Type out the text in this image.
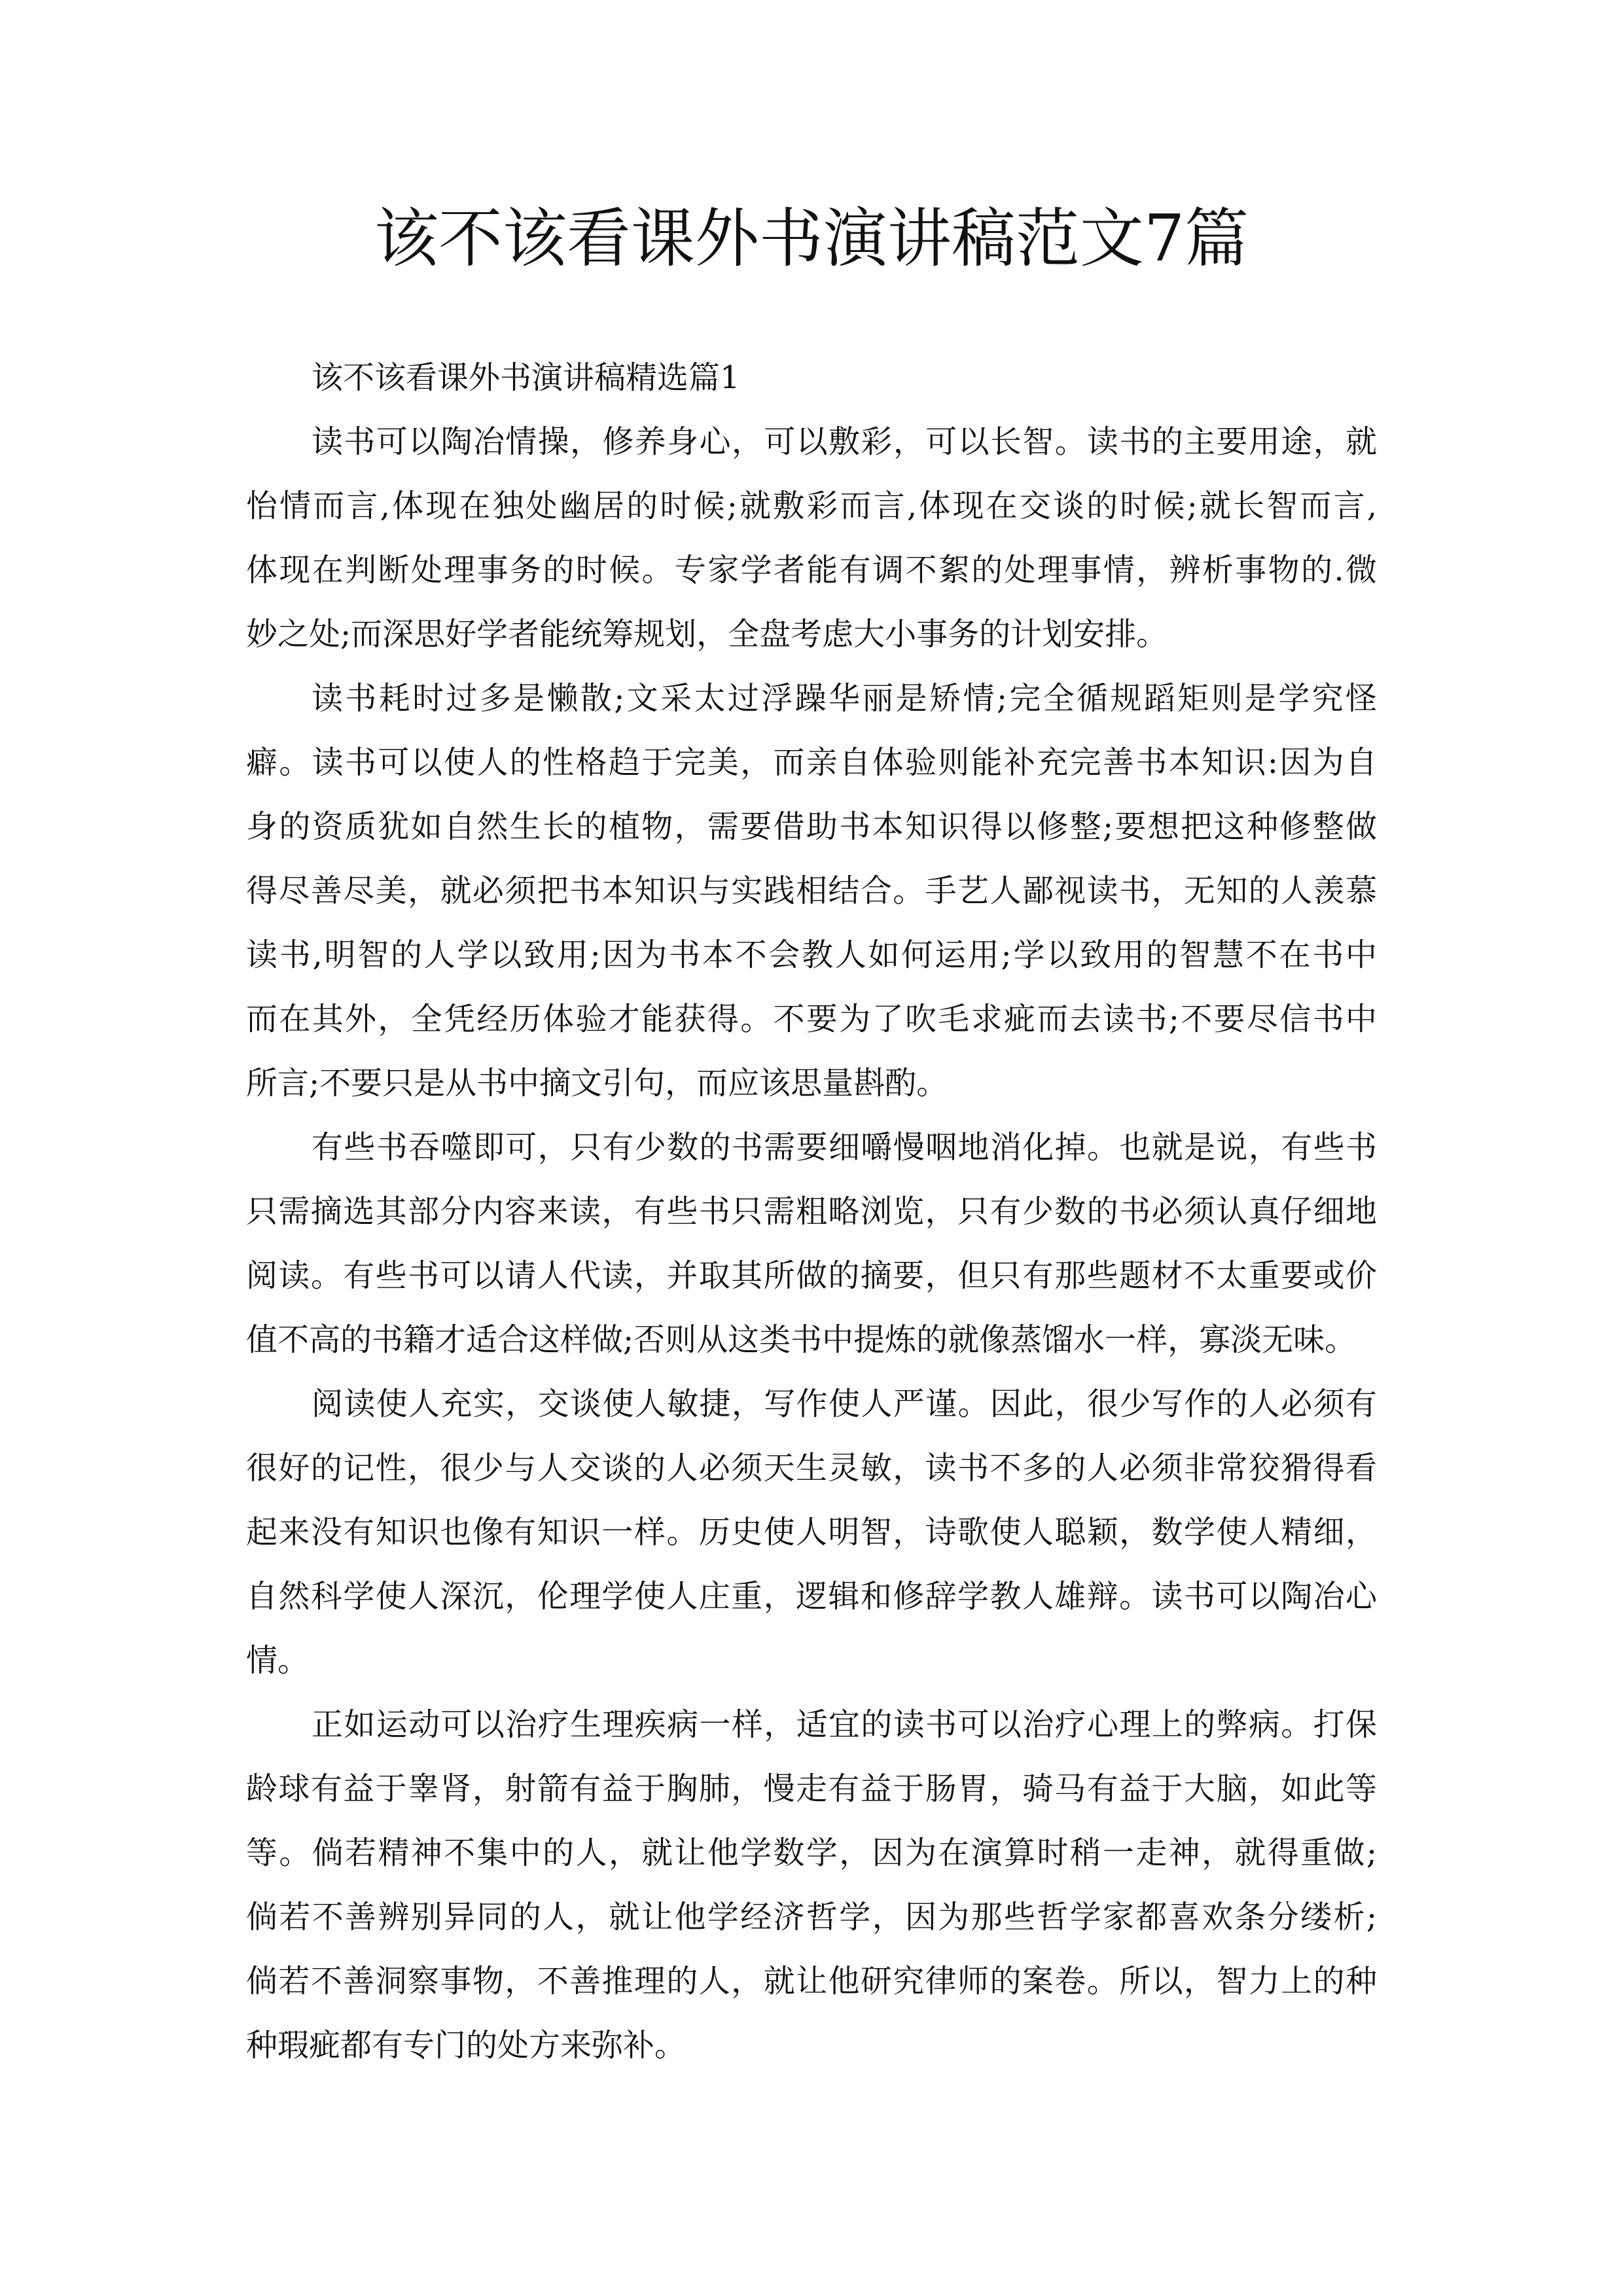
该不该看课外书演讲稿范文7篇
该不该看课外书演讲稿精选篇1
读书可以陶冶情操，修养身心，可以敷彩，可以长智。读书的主要用途，就
怡情而言,体现在独处幽居的时候;就敷彩而言,体现在交谈的时候;就长智而言,
体现在判断处理事务的时候。专家学者能有调不絮的处理事情，辨析事物的.微
妙之处;而深思好学者能统筹规划，全盘考虑大小事务的计划安排。
读书耗时过多是懒散;文采太过浮躁华丽是矫情;完全循规蹈矩则是学究怪
癖。读书可以使人的性格趋于完美，而亲自体验则能补充完善书本知识:因为自
身的资质犹如自然生长的植物，需要借助书本知识得以修整;要想把这种修整做
得尽善尽美，就必须把书本知识与实践相结合。手艺人鄙视读书，无知的人羡慕
读书,明智的人学以致用;因为书本不会教人如何运用;学以致用的智慧不在书中
而在其外，全凭经历体验才能获得。不要为了吹毛求疵而去读书;不要尽信书中
所言;不要只是从书中摘文引句，而应该思量斟酌。
有些书吞噬即可，只有少数的书需要细嚼慢咽地消化掉。也就是说，有些书
只需摘选其部分内容来读，有些书只需粗略浏览，只有少数的书必须认真仔细地
阅读。有些书可以请人代读，并取其所做的摘要，但只有那些题材不太重要或价
值不高的书籍才适合这样做;否则从这类书中提炼的就像蒸馏水一样，寡淡无味。
阅读使人充实，交谈使人敏捷，写作使人严谨。因此，很少写作的人必须有
很好的记性，很少与人交谈的人必须天生灵敏，读书不多的人必须非常狡猾得看
起来没有知识也像有知识一样。历史使人明智，诗歌使人聪颖，数学使人精细，
自然科学使人深沉，伦理学使人庄重，逻辑和修辞学教人雄辩。读书可以陶冶心
情。
正如运动可以治疗生理疾病一样，适宜的读书可以治疗心理上的弊病。打保
龄球有益于睾肾，射箭有益于胸肺，慢走有益于肠胃，骑马有益于大脑，如此等
等。倘若精神不集中的人，就让他学数学，因为在演算时稍一走神，就得重做;
倘若不善辨别异同的人，就让他学经济哲学，因为那些哲学家都喜欢条分缕析;
倘若不善洞察事物，不善推理的人，就让他研究律师的案卷。所以，智力上的种
种瑕疵都有专门的处方来弥补。
